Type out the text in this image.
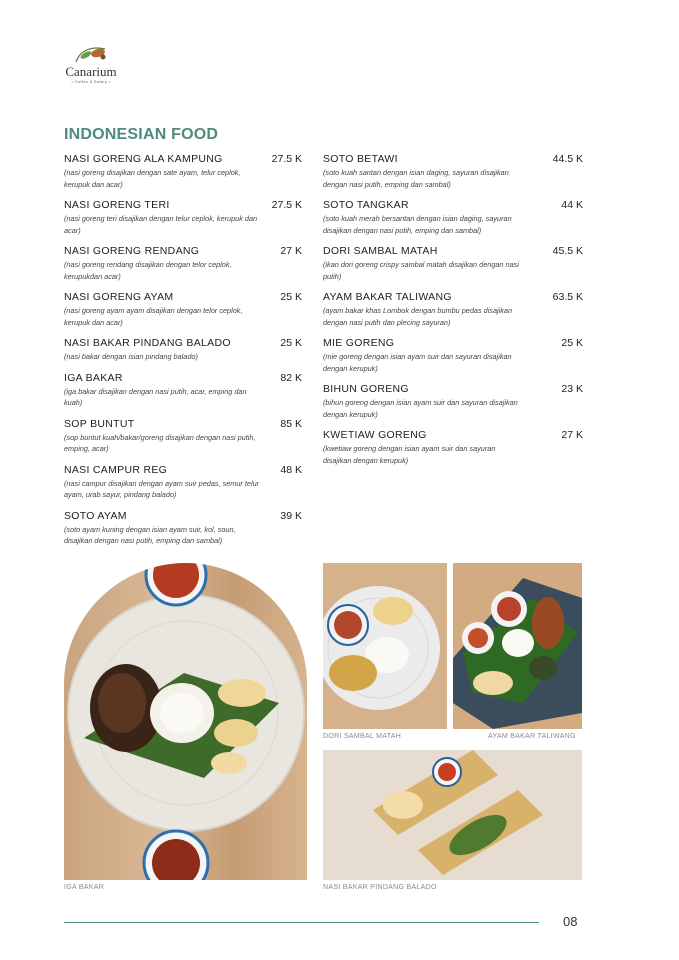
Canarium
• Coffee & Eatery •
INDONESIAN FOOD
NASI GORENG ALA KAMPUNG	27.5 K
(nasi goreng disajikan dengan sate ayam, telur ceplok, kerupuk dan acar)
NASI GORENG TERI	27.5 K
(nasi goreng teri disajikan dengan telur ceplok, kerupuk dan acar)
NASI GORENG RENDANG	27 K
(nasi goreng rendang disajikan dengan telor ceplok, kerupukdan acar)
NASI GORENG AYAM	25 K
(nasi goreng ayam ayam disajikan dengan telor ceplok, kerupuk dan acar)
NASI BAKAR PINDANG BALADO	25 K
(nasi bakar dengan isian pindang balado)
IGA BAKAR	82 K
(iga bakar disajikan dengan nasi putih, acar, emping dan kuah)
SOP BUNTUT	85 K
(sop buntut kuah/bakar/goreng disajikan dengan nasi putih, emping, acar)
NASI CAMPUR REG	48 K
(nasi campur disajikan dengan ayam suir pedas, semur telur ayam, urab sayur, pindang balado)
SOTO AYAM	39 K
(soto ayam kuning dengan isian ayam suir, kol, soun, disajikan dengan nasi putih, emping dan sambal)
SOTO BETAWI	44.5 K
(soto kuah santan dengan isian daging, sayuran disajikan dengan nasi putih, emping dan sambal)
SOTO TANGKAR	44 K
(soto kuah merah bersantan dengan isian daging, sayuran disajikan dengan nasi putih, emping dan sambal)
DORI SAMBAL MATAH	45.5 K
(ikan dori goreng crispy sambal matah disajikan dengan nasi putih)
AYAM BAKAR TALIWANG	63.5 K
(ayam bakar khas Lombok dengan bumbu pedas disajikan dengan nasi putih dan plecing sayuran)
MIE GORENG	25 K
(mie goreng dengan isian ayam suir dan sayuran disajikan dengan kerupuk)
BIHUN GORENG	23 K
(bihun goreng dengan isian ayam suir dan sayuran disajikan dengan kerupuk)
KWETIAW GORENG	27 K
(kwetiaw goreng dengan isian ayam suir dan sayuran disajikan dengan kerupuk)
IGA BAKAR
DORI SAMBAL MATAH	AYAM BAKAR TALIWANG
NASI BAKAR PINDANG BALADO
08
